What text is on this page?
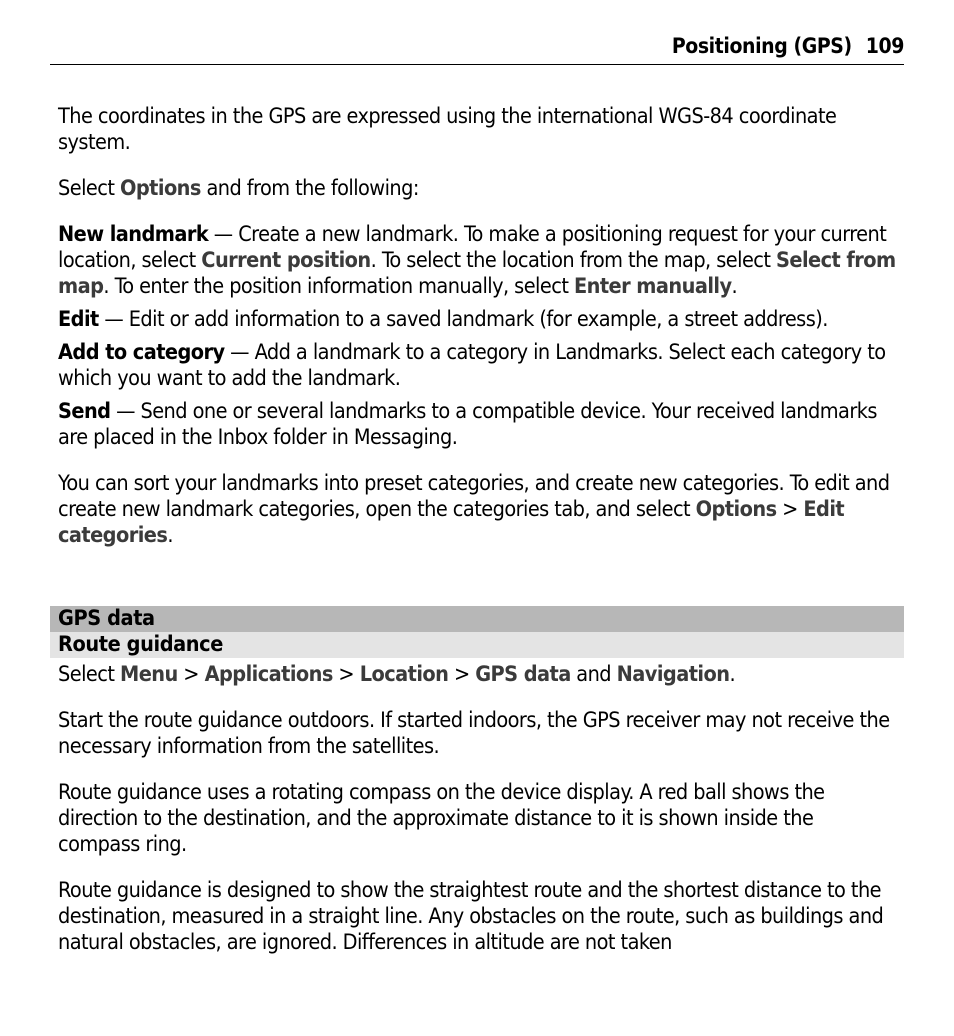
Positioning (GPS) 109

The coordinates in the GPS are expressed using the international WGS-84 coordinate system.

Select Options and from the following:

New landmark — Create a new landmark. To make a positioning request for your current location, select Current position. To select the location from the map, select Select from map. To enter the position information manually, select Enter manually.

Edit — Edit or add information to a saved landmark (for example, a street address).

Add to category — Add a landmark to a category in Landmarks. Select each category to which you want to add the landmark.

Send — Send one or several landmarks to a compatible device. Your received landmarks are placed in the Inbox folder in Messaging.

You can sort your landmarks into preset categories, and create new categories. To edit and create new landmark categories, open the categories tab, and select Options > Edit categories.

GPS data
Route guidance

Select Menu > Applications > Location > GPS data and Navigation.

Start the route guidance outdoors. If started indoors, the GPS receiver may not receive the necessary information from the satellites.

Route guidance uses a rotating compass on the device display. A red ball shows the direction to the destination, and the approximate distance to it is shown inside the compass ring.

Route guidance is designed to show the straightest route and the shortest distance to the destination, measured in a straight line. Any obstacles on the route, such as buildings and natural obstacles, are ignored. Differences in altitude are not taken
